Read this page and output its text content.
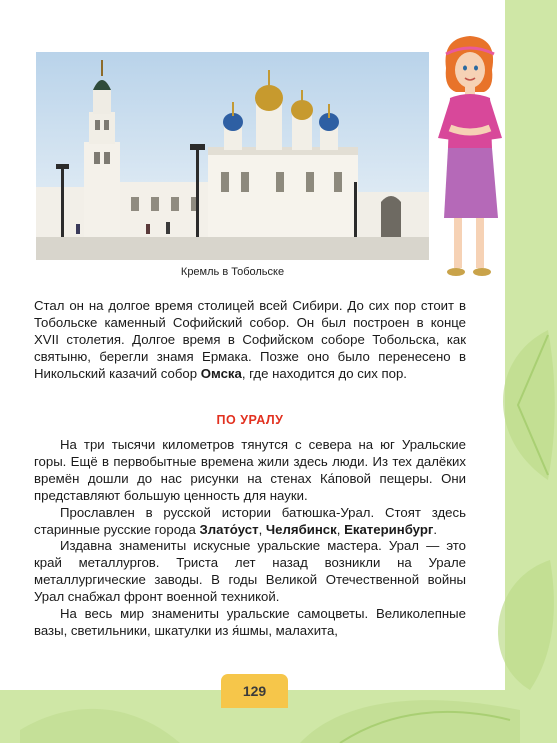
Кремль в Тобольске

Стал он на долгое время столицей всей Сибири. До сих пор стоит в Тобольске каменный Софийский собор. Он был построен в конце XVII столетия. Долгое время в Софийском соборе Тобольска, как святыню, берегли знамя Ермака. Позже оно было перенесено в Никольский казачий собор Омска, где находится до сих пор.

ПО УРАЛУ

На три тысячи километров тянутся с севера на юг Уральские горы. Ещё в первобытные времена жили здесь люди. Из тех далёких времён дошли до нас рисунки на стенах Ка́повой пещеры. Они представляют большую ценность для науки.

Прославлен в русской истории батюшка-Урал. Стоят здесь старинные русские города Злато́уст, Челябинск, Екатеринбург.

Издавна знамениты искусные уральские мастера. Урал — это край металлургов. Триста лет назад возникли на Урале металлургические заводы. В годы Великой Отечественной войны Урал снабжал фронт военной техникой.

На весь мир знамениты уральские самоцветы. Великолепные вазы, светильники, шкатулки из я́шмы, малахита,

129
